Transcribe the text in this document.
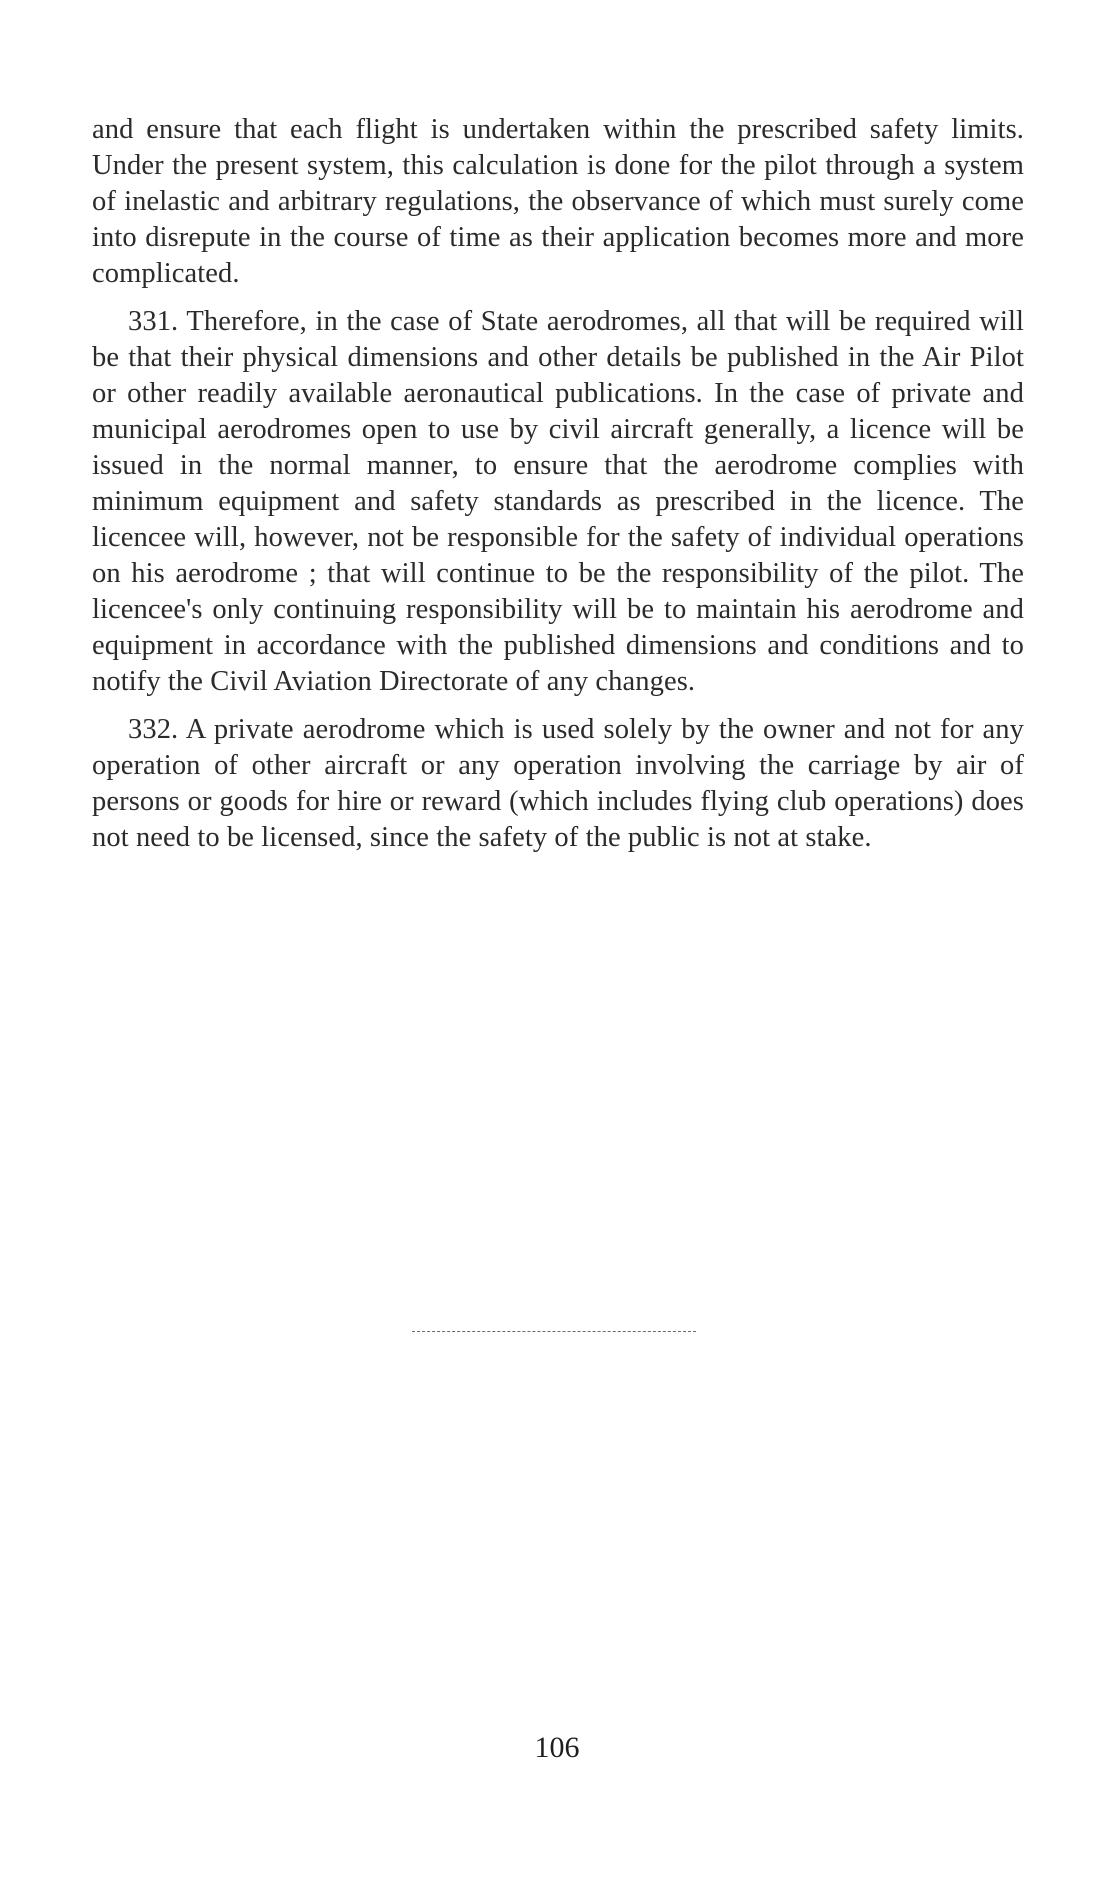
and ensure that each flight is undertaken within the prescribed safety limits. Under the present system, this calculation is done for the pilot through a system of inelastic and arbitrary regulations, the observance of which must surely come into disrepute in the course of time as their application becomes more and more complicated.

331. Therefore, in the case of State aerodromes, all that will be required will be that their physical dimensions and other details be published in the Air Pilot or other readily available aeronautical publications. In the case of private and municipal aerodromes open to use by civil aircraft generally, a licence will be issued in the normal manner, to ensure that the aerodrome complies with minimum equipment and safety standards as prescribed in the licence. The licencee will, however, not be responsible for the safety of individual operations on his aerodrome ; that will continue to be the responsibility of the pilot. The licencee's only continuing responsibility will be to maintain his aerodrome and equipment in accordance with the published dimensions and conditions and to notify the Civil Aviation Directorate of any changes.

332. A private aerodrome which is used solely by the owner and not for any operation of other aircraft or any operation involving the carriage by air of persons or goods for hire or reward (which includes flying club operations) does not need to be licensed, since the safety of the public is not at stake.

106
